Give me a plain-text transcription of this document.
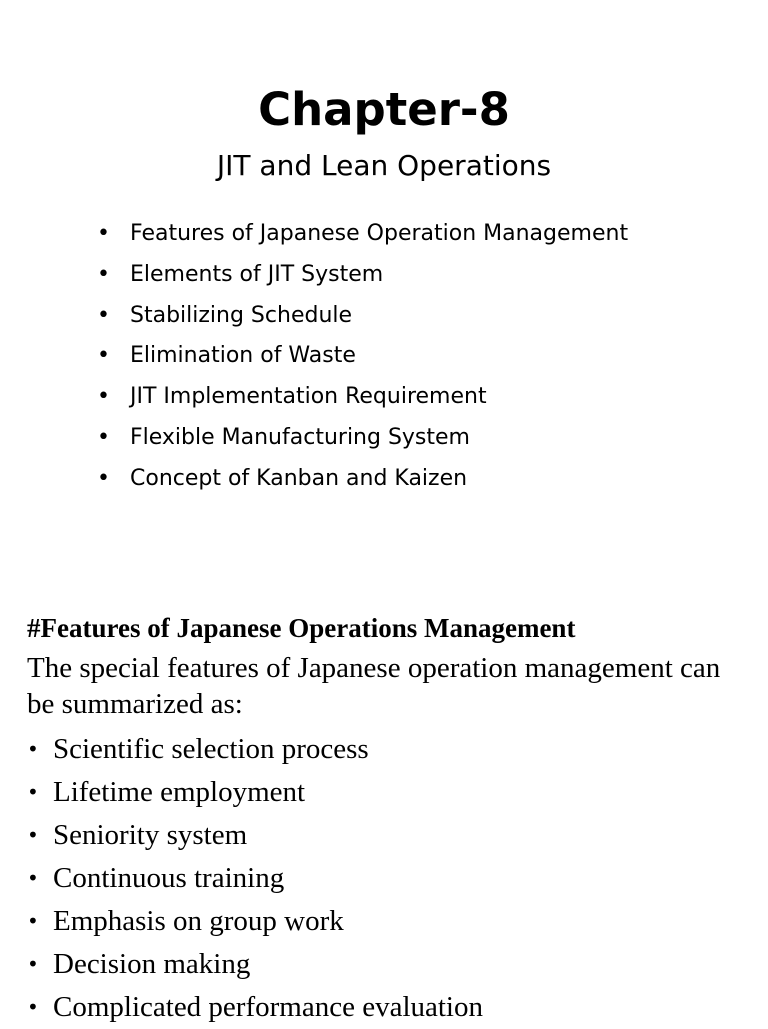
Chapter-8
JIT and Lean Operations
• Features of Japanese Operation Management
• Elements of JIT System
• Stabilizing Schedule
• Elimination of Waste
• JIT Implementation Requirement
• Flexible Manufacturing System
• Concept of Kanban and Kaizen
#Features of Japanese Operations Management
The special features of Japanese operation management can be summarized as:
• Scientific selection process
• Lifetime employment
• Seniority system
• Continuous training
• Emphasis on group work
• Decision making
• Complicated performance evaluation
